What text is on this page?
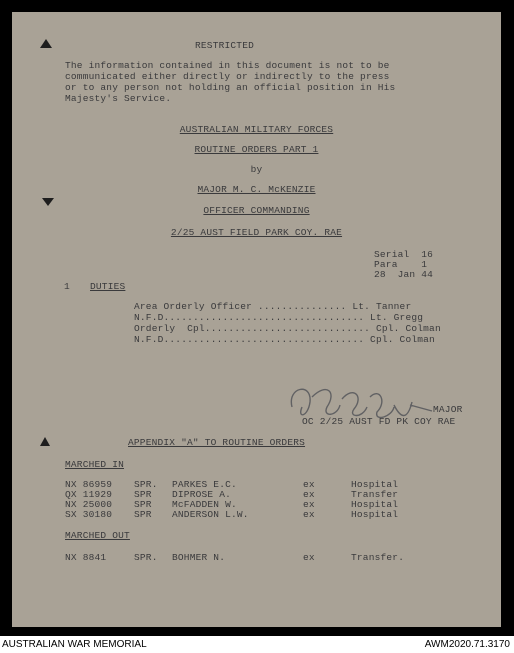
RESTRICTED
The information contained in this document is not to be
communicated either directly or indirectly to the press
or to any person not holding an official position in His
Majesty's Service.
AUSTRALIAN MILITARY FORCES
ROUTINE ORDERS PART 1
by
MAJOR M. C. McKENZIE
OFFICER COMMANDING
2/25 AUST FIELD PARK COY. RAE
Serial  16
Para    1
28  Jan 44
1 DUTIES
Area Orderly Officer ............... Lt. Tanner
N.F.D.................................. Lt. Gregg
Orderly  Cpl............................ Cpl. Colman
N.F.D.................................. Cpl. Colman
MAJOR
OC 2/25 AUST FD PK COY RAE
APPENDIX "A" TO ROUTINE ORDERS
MARCHED IN
NX 86959 SPR. PARKES E.C.	ex	Hospital
QX 11929 SPR DIPROSE A.	ex	Transfer
NX 25000 SPR McFADDEN W.	ex	Hospital
SX 30180 SPR ANDERSON L.W.	ex	Hospital
MARCHED OUT
NX 8841	SPR. BOHMER N.	ex	Transfer.
AUSTRALIAN WAR MEMORIAL	AWM2020.71.3170
